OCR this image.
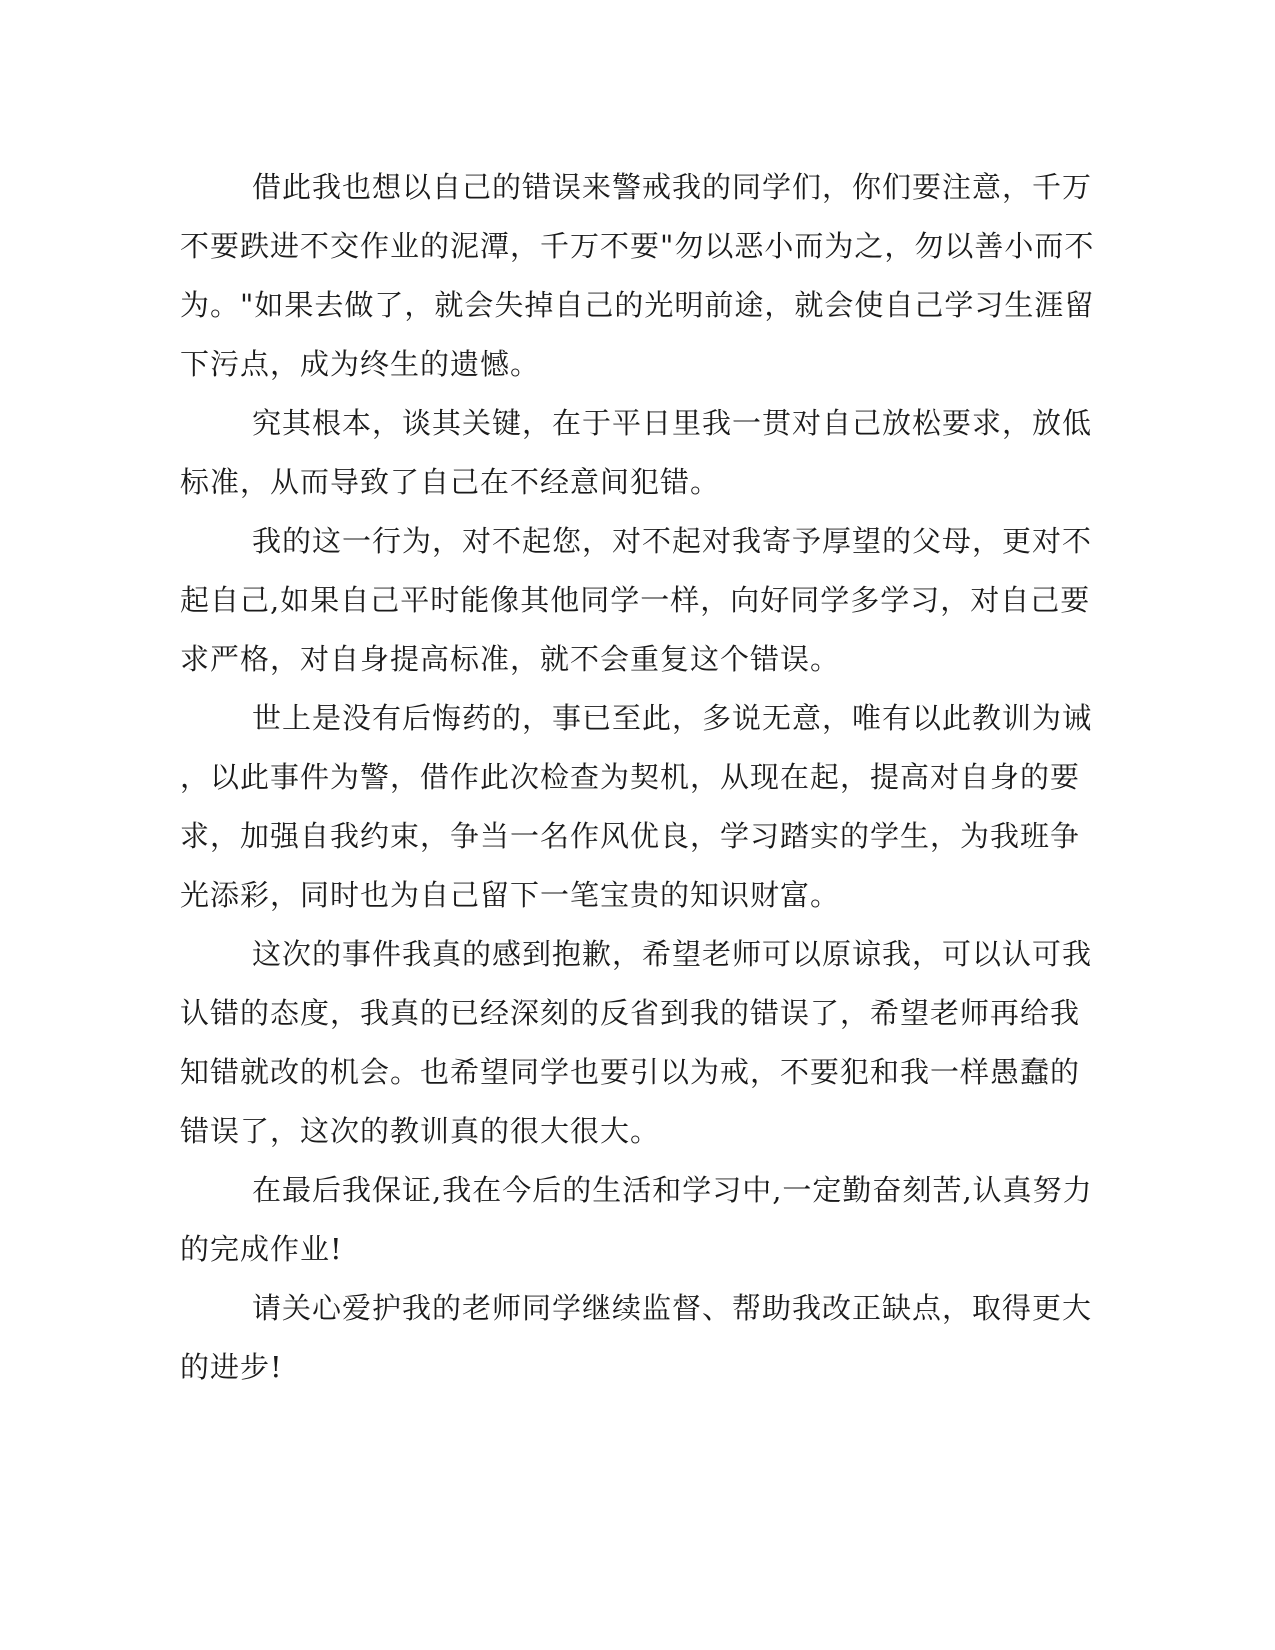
借此我也想以自己的错误来警戒我的同学们，你们要注意，千万
不要跌进不交作业的泥潭，千万不要"勿以恶小而为之，勿以善小而不
为。"如果去做了，就会失掉自己的光明前途，就会使自己学习生涯留
下污点，成为终生的遗憾。
究其根本，谈其关键，在于平日里我一贯对自己放松要求，放低
标准，从而导致了自己在不经意间犯错。
我的这一行为，对不起您，对不起对我寄予厚望的父母，更对不
起自己,如果自己平时能像其他同学一样，向好同学多学习，对自己要
求严格，对自身提高标准，就不会重复这个错误。
世上是没有后悔药的，事已至此，多说无意，唯有以此教训为诫
，以此事件为警，借作此次检查为契机，从现在起，提高对自身的要
求，加强自我约束，争当一名作风优良，学习踏实的学生，为我班争
光添彩，同时也为自己留下一笔宝贵的知识财富。
这次的事件我真的感到抱歉，希望老师可以原谅我，可以认可我
认错的态度，我真的已经深刻的反省到我的错误了，希望老师再给我
知错就改的机会。也希望同学也要引以为戒，不要犯和我一样愚蠢的
错误了，这次的教训真的很大很大。
在最后我保证,我在今后的生活和学习中,一定勤奋刻苦,认真努力
的完成作业!
请关心爱护我的老师同学继续监督、帮助我改正缺点，取得更大
的进步!
